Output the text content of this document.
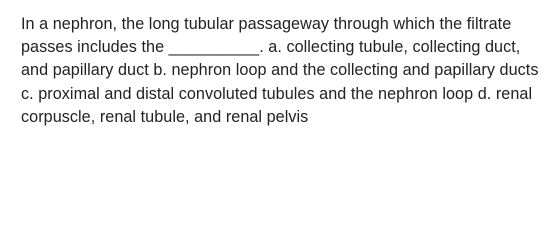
In a nephron, the long tubular passageway through which the filtrate passes includes the __________. a. collecting tubule, collecting duct, and papillary duct b. nephron loop and the collecting and papillary ducts c. proximal and distal convoluted tubules and the nephron loop d. renal corpuscle, renal tubule, and renal pelvis
